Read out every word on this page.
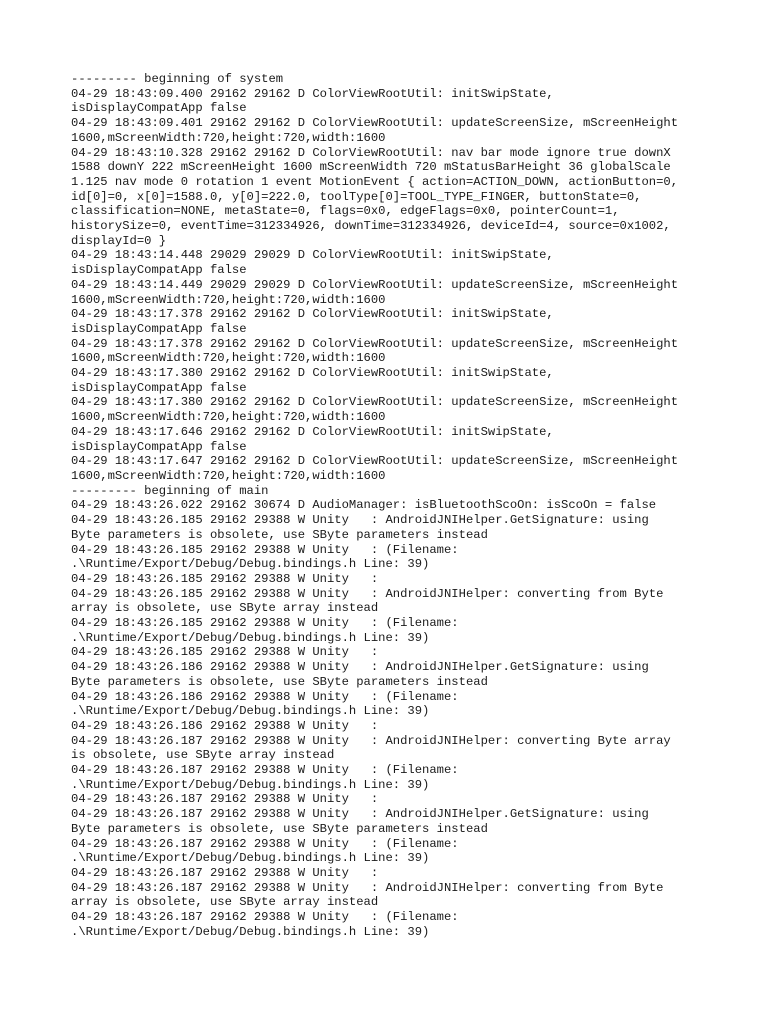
--------- beginning of system
04-29 18:43:09.400 29162 29162 D ColorViewRootUtil: initSwipState,
isDisplayCompatApp false
04-29 18:43:09.401 29162 29162 D ColorViewRootUtil: updateScreenSize, mScreenHeight
1600,mScreenWidth:720,height:720,width:1600
04-29 18:43:10.328 29162 29162 D ColorViewRootUtil: nav bar mode ignore true downX
1588 downY 222 mScreenHeight 1600 mScreenWidth 720 mStatusBarHeight 36 globalScale
1.125 nav mode 0 rotation 1 event MotionEvent { action=ACTION_DOWN, actionButton=0,
id[0]=0, x[0]=1588.0, y[0]=222.0, toolType[0]=TOOL_TYPE_FINGER, buttonState=0,
classification=NONE, metaState=0, flags=0x0, edgeFlags=0x0, pointerCount=1,
historySize=0, eventTime=312334926, downTime=312334926, deviceId=4, source=0x1002,
displayId=0 }
04-29 18:43:14.448 29029 29029 D ColorViewRootUtil: initSwipState,
isDisplayCompatApp false
04-29 18:43:14.449 29029 29029 D ColorViewRootUtil: updateScreenSize, mScreenHeight
1600,mScreenWidth:720,height:720,width:1600
04-29 18:43:17.378 29162 29162 D ColorViewRootUtil: initSwipState,
isDisplayCompatApp false
04-29 18:43:17.378 29162 29162 D ColorViewRootUtil: updateScreenSize, mScreenHeight
1600,mScreenWidth:720,height:720,width:1600
04-29 18:43:17.380 29162 29162 D ColorViewRootUtil: initSwipState,
isDisplayCompatApp false
04-29 18:43:17.380 29162 29162 D ColorViewRootUtil: updateScreenSize, mScreenHeight
1600,mScreenWidth:720,height:720,width:1600
04-29 18:43:17.646 29162 29162 D ColorViewRootUtil: initSwipState,
isDisplayCompatApp false
04-29 18:43:17.647 29162 29162 D ColorViewRootUtil: updateScreenSize, mScreenHeight
1600,mScreenWidth:720,height:720,width:1600
--------- beginning of main
04-29 18:43:26.022 29162 30674 D AudioManager: isBluetoothScoOn: isScoOn = false
04-29 18:43:26.185 29162 29388 W Unity   : AndroidJNIHelper.GetSignature: using
Byte parameters is obsolete, use SByte parameters instead
04-29 18:43:26.185 29162 29388 W Unity   : (Filename:
.\Runtime/Export/Debug/Debug.bindings.h Line: 39)
04-29 18:43:26.185 29162 29388 W Unity   :
04-29 18:43:26.185 29162 29388 W Unity   : AndroidJNIHelper: converting from Byte
array is obsolete, use SByte array instead
04-29 18:43:26.185 29162 29388 W Unity   : (Filename:
.\Runtime/Export/Debug/Debug.bindings.h Line: 39)
04-29 18:43:26.185 29162 29388 W Unity   :
04-29 18:43:26.186 29162 29388 W Unity   : AndroidJNIHelper.GetSignature: using
Byte parameters is obsolete, use SByte parameters instead
04-29 18:43:26.186 29162 29388 W Unity   : (Filename:
.\Runtime/Export/Debug/Debug.bindings.h Line: 39)
04-29 18:43:26.186 29162 29388 W Unity   :
04-29 18:43:26.187 29162 29388 W Unity   : AndroidJNIHelper: converting Byte array
is obsolete, use SByte array instead
04-29 18:43:26.187 29162 29388 W Unity   : (Filename:
.\Runtime/Export/Debug/Debug.bindings.h Line: 39)
04-29 18:43:26.187 29162 29388 W Unity   :
04-29 18:43:26.187 29162 29388 W Unity   : AndroidJNIHelper.GetSignature: using
Byte parameters is obsolete, use SByte parameters instead
04-29 18:43:26.187 29162 29388 W Unity   : (Filename:
.\Runtime/Export/Debug/Debug.bindings.h Line: 39)
04-29 18:43:26.187 29162 29388 W Unity   :
04-29 18:43:26.187 29162 29388 W Unity   : AndroidJNIHelper: converting from Byte
array is obsolete, use SByte array instead
04-29 18:43:26.187 29162 29388 W Unity   : (Filename:
.\Runtime/Export/Debug/Debug.bindings.h Line: 39)
